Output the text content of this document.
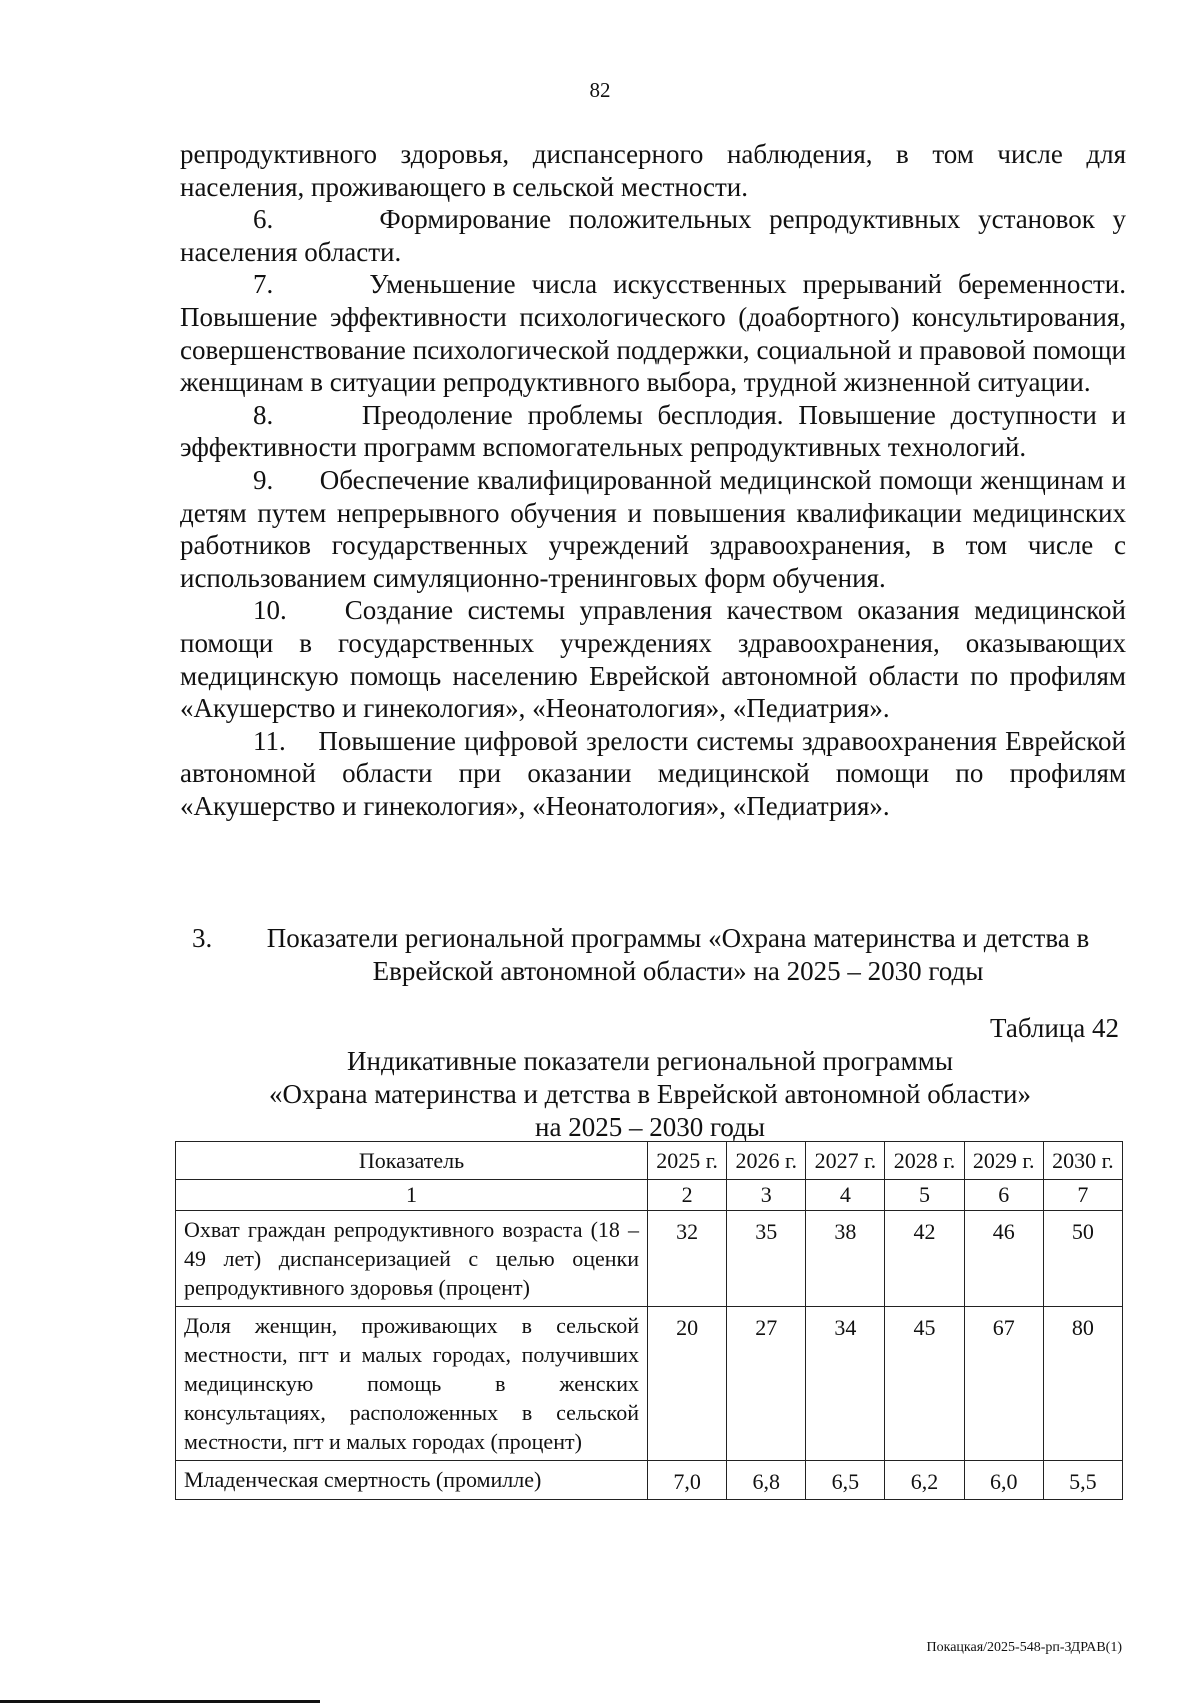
82

репродуктивного здоровья, диспансерного наблюдения, в том числе для населения, проживающего в сельской местности.

6.      Формирование положительных репродуктивных установок у населения области.

7.      Уменьшение числа искусственных прерываний беременности. Повышение эффективности психологического (доабортного) консультирования, совершенствование психологической поддержки, социальной и правовой помощи женщинам в ситуации репродуктивного выбора, трудной жизненной ситуации.

8.      Преодоление проблемы бесплодия. Повышение доступности и эффективности программ вспомогательных репродуктивных технологий.

9.      Обеспечение квалифицированной медицинской помощи женщинам и детям путем непрерывного обучения и повышения квалификации медицинских работников государственных учреждений здравоохранения, в том числе с использованием симуляционно-тренинговых форм обучения.

10.    Создание системы управления качеством оказания медицинской помощи в государственных учреждениях здравоохранения, оказывающих медицинскую помощь населению Еврейской автономной области по профилям «Акушерство и гинекология», «Неонатология», «Педиатрия».

11.    Повышение цифровой зрелости системы здравоохранения Еврейской автономной области при оказании медицинской помощи по профилям «Акушерство и гинекология», «Неонатология», «Педиатрия».

3.	Показатели региональной программы «Охрана материнства и детства в Еврейской автономной области» на 2025 – 2030 годы
Таблица 42
Индикативные показатели региональной программы
«Охрана материнства и детства в Еврейской автономной области»
на 2025 – 2030 годы
Показатель	2025 г.	2026 г.	2027 г.	2028 г.	2029 г.	2030 г.
1	2	3	4	5	6	7
Охват граждан репродуктивного возраста (18 – 49 лет) диспансеризацией с целью оценки репродуктивного здоровья (процент)	32	35	38	42	46	50
Доля женщин, проживающих в сельской местности, пгт и малых городах, получивших медицинскую помощь в женских консультациях, расположенных в сельской местности, пгт и малых городах (процент)	20	27	34	45	67	80
Младенческая смертность (промилле)	7,0	6,8	6,5	6,2	6,0	5,5
Покацкая/2025-548-рп-ЗДРАВ(1)
